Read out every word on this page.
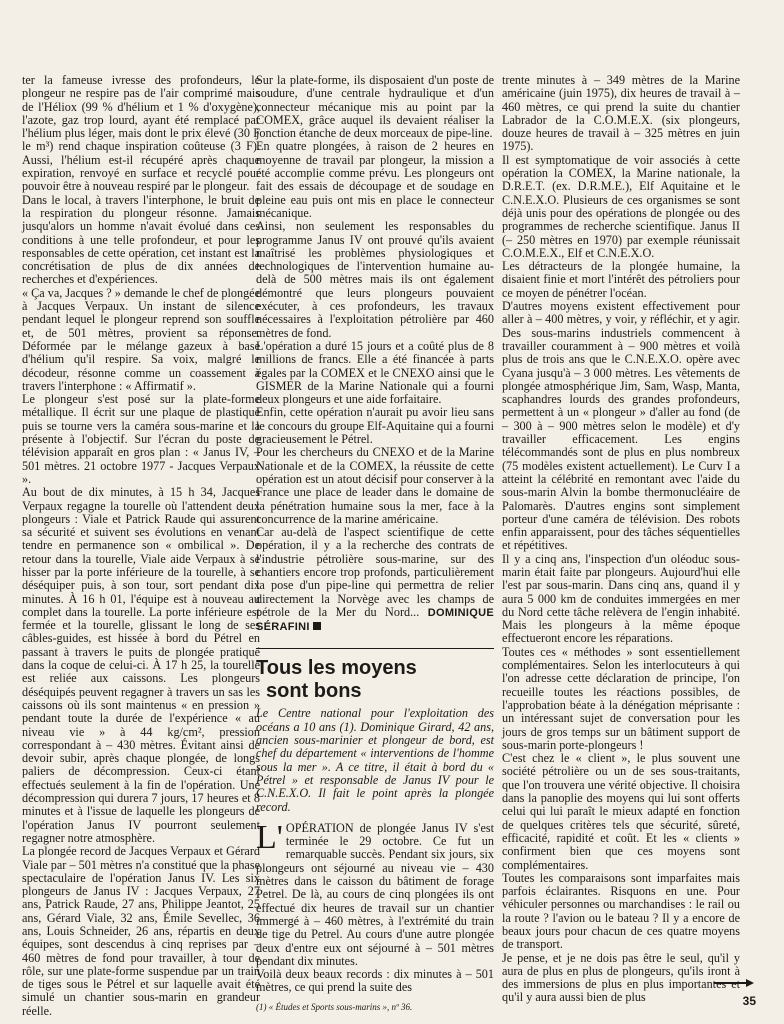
ter la fameuse ivresse des profondeurs, le plongeur ne respire pas de l'air comprimé mais de l'Héliox (99 % d'hélium et 1 % d'oxygène), l'azote, gaz trop lourd, ayant été remplacé par l'hélium plus léger, mais dont le prix élevé (30 F le m³) rend chaque inspiration coûteuse (3 F). Aussi, l'hélium est-il récupéré après chaque expiration, renvoyé en surface et recyclé pour pouvoir être à nouveau respiré par le plongeur.

Dans le local, à travers l'interphone, le bruit de la respiration du plongeur résonne. Jamais jusqu'alors un homme n'avait évolué dans ces conditions à une telle profondeur, et pour les responsables de cette opération, cet instant est la concrétisation de plus de dix années de recherches et d'expériences.

« Ça va, Jacques ? » demande le chef de plongée à Jacques Verpaux. Un instant de silence pendant lequel le plongeur reprend son souffle et, de 501 mètres, provient sa réponse. Déformée par le mélange gazeux à base d'hélium qu'il respire. Sa voix, malgré le décodeur, résonne comme un coassement à travers l'interphone : « Affirmatif ».

Le plongeur s'est posé sur la plate-forme métallique. Il écrit sur une plaque de plastique puis se tourne vers la caméra sous-marine et la présente à l'objectif. Sur l'écran du poste de télévision apparaît en gros plan : « Janus IV, – 501 mètres. 21 octobre 1977 - Jacques Verpaux ».

Au bout de dix minutes, à 15 h 34, Jacques Verpaux regagne la tourelle où l'attendent deux plongeurs : Viale et Patrick Raude qui assurent sa sécurité et suivent ses évolutions en venant tendre en permanence son « ombilical ». De retour dans la tourelle, Viale aide Verpaux à se hisser par la porte inférieure de la tourelle, à se déséquiper puis, à son tour, sort pendant dix minutes. À 16 h 01, l'équipe est à nouveau au complet dans la tourelle. La porte inférieure est fermée et la tourelle, glissant le long de ses câbles-guides, est hissée à bord du Pétrel en passant à travers le puits de plongée pratiqué dans la coque de celui-ci. À 17 h 25, la tourelle est reliée aux caissons. Les plongeurs déséquipés peuvent regagner à travers un sas les caissons où ils sont maintenus « en pression » pendant toute la durée de l'expérience « au niveau vie » à 44 kg/cm², pression correspondant à – 430 mètres. Évitant ainsi de devoir subir, après chaque plongée, de longs paliers de décompression. Ceux-ci étant effectués seulement à la fin de l'opération. Une décompression qui durera 7 jours, 17 heures et 8 minutes et à l'issue de laquelle les plongeurs de l'opération Janus IV pourront seulement regagner notre atmosphère.

La plongée record de Jacques Verpaux et Gérard Viale par – 501 mètres n'a constitué que la phase spectaculaire de l'opération Janus IV. Les six plongeurs de Janus IV : Jacques Verpaux, 27 ans, Patrick Raude, 27 ans, Philippe Jeantot, 25 ans, Gérard Viale, 32 ans, Émile Sevellec, 36 ans, Louis Schneider, 26 ans, répartis en deux équipes, sont descendus à cinq reprises par – 460 mètres de fond pour travailler, à tour de rôle, sur une plate-forme suspendue par un train de tiges sous le Pétrel et sur laquelle avait été simulé un chantier sous-marin en grandeur réelle.

Sur la plate-forme, ils disposaient d'un poste de soudure, d'une centrale hydraulique et d'un connecteur mécanique mis au point par la COMEX, grâce auquel ils devaient réaliser la jonction étanche de deux morceaux de pipe-line.

En quatre plongées, à raison de 2 heures en moyenne de travail par plongeur, la mission a été accomplie comme prévu. Les plongeurs ont fait des essais de découpage et de soudage en pleine eau puis ont mis en place le connecteur mécanique.

Ainsi, non seulement les responsables du programme Janus IV ont prouvé qu'ils avaient maîtrisé les problèmes physiologiques et technologiques de l'intervention humaine au-delà de 500 mètres mais ils ont également démontré que leurs plongeurs pouvaient exécuter, à ces profondeurs, les travaux nécessaires à l'exploitation pétrolière par 460 mètres de fond.

L'opération a duré 15 jours et a coûté plus de 8 millions de francs. Elle a été financée à parts égales par la COMEX et le CNEXO ainsi que le GISMER de la Marine Nationale qui a fourni deux plongeurs et une aide forfaitaire.

Enfin, cette opération n'aurait pu avoir lieu sans le concours du groupe Elf-Aquitaine qui a fourni gracieusement le Pétrel.

Pour les chercheurs du CNEXO et de la Marine Nationale et de la COMEX, la réussite de cette opération est un atout décisif pour conserver à la France une place de leader dans le domaine de la pénétration humaine sous la mer, face à la concurrence de la marine américaine.

Car au-delà de l'aspect scientifique de cette opération, il y a la recherche des contrats de l'industrie pétrolière sous-marine, sur des chantiers encore trop profonds, particulièrement la pose d'un pipe-line qui permettra de relier directement la Norvège avec les champs de pétrole de la Mer du Nord... DOMINIQUE SÉRAFINI

Tous les moyens
sont bons

Le Centre national pour l'exploitation des océans a 10 ans (1). Dominique Girard, 42 ans, ancien sous-marinier et plongeur de bord, est chef du département « interventions de l'homme sous la mer ». A ce titre, il était à bord du « Pétrel » et responsable de Janus IV pour le C.N.E.X.O. Il fait le point après la plongée record.

L'OPÉRATION de plongée Janus IV s'est terminée le 29 octobre. Ce fut un remarquable succès. Pendant six jours, six plongeurs ont séjourné au niveau vie – 430 mètres dans le caisson du bâtiment de forage Petrel. De là, au cours de cinq plongées ils ont effectué dix heures de travail sur un chantier immergé à – 460 mètres, à l'extrémité du train de tige du Petrel. Au cours d'une autre plongée deux d'entre eux ont séjourné à – 501 mètres pendant dix minutes.

Voilà deux beaux records : dix minutes à – 501 mètres, ce qui prend la suite des

(1) « Études et Sports sous-marins », nº 36.

trente minutes à – 349 mètres de la Marine américaine (juin 1975), dix heures de travail à – 460 mètres, ce qui prend la suite du chantier Labrador de la C.O.M.E.X. (six plongeurs, douze heures de travail à – 325 mètres en juin 1975).

Il est symptomatique de voir associés à cette opération la COMEX, la Marine nationale, la D.R.E.T. (ex. D.R.M.E.), Elf Aquitaine et le C.N.E.X.O. Plusieurs de ces organismes se sont déjà unis pour des opérations de plongée ou des programmes de recherche scientifique. Janus II (– 250 mètres en 1970) par exemple réunissait C.O.M.E.X., Elf et C.N.E.X.O.

Les détracteurs de la plongée humaine, la disaient finie et mort l'intérêt des pétroliers pour ce moyen de pénétrer l'océan.

D'autres moyens existent effectivement pour aller à – 400 mètres, y voir, y réfléchir, et y agir. Des sous-marins industriels commencent à travailler couramment à – 900 mètres et voilà plus de trois ans que le C.N.E.X.O. opère avec Cyana jusqu'à – 3 000 mètres. Les vêtements de plongée atmosphérique Jim, Sam, Wasp, Manta, scaphandres lourds des grandes profondeurs, permettent à un « plongeur » d'aller au fond (de – 300 à – 900 mètres selon le modèle) et d'y travailler efficacement. Les engins télécommandés sont de plus en plus nombreux (75 modèles existent actuellement). Le Curv I a atteint la célébrité en remontant avec l'aide du sous-marin Alvin la bombe thermonucléaire de Palomarès. D'autres engins sont simplement porteur d'une caméra de télévision. Des robots enfin apparaissent, pour des tâches séquentielles et répétitives.

Il y a cinq ans, l'inspection d'un oléoduc sous-marin était faite par plongeurs. Aujourd'hui elle l'est par sous-marin. Dans cinq ans, quand il y aura 5 000 km de conduites immergées en mer du Nord cette tâche relèvera de l'engin inhabité. Mais les plongeurs à la même époque effectueront encore les réparations.

Toutes ces « méthodes » sont essentiellement complémentaires. Selon les interlocuteurs à qui l'on adresse cette déclaration de principe, l'on recueille toutes les réactions possibles, de l'approbation béate à la dénégation méprisante : un intéressant sujet de conversation pour les jours de gros temps sur un bâtiment support de sous-marin porte-plongeurs !

C'est chez le « client », le plus souvent une société pétrolière ou un de ses sous-traitants, que l'on trouvera une vérité objective. Il choisira dans la panoplie des moyens qui lui sont offerts celui qui lui paraît le mieux adapté en fonction de quelques critères tels que sécurité, sûreté, efficacité, rapidité et coût. Et les « clients » confirment bien que ces moyens sont complémentaires.

Toutes les comparaisons sont imparfaites mais parfois éclairantes. Risquons en une. Pour véhiculer personnes ou marchandises : le rail ou la route ? l'avion ou le bateau ? Il y a encore de beaux jours pour chacun de ces quatre moyens de transport.

Je pense, et je ne dois pas être le seul, qu'il y aura de plus en plus de plongeurs, qu'ils iront à des immersions de plus en plus importantes et qu'il y aura aussi bien de plus	35
